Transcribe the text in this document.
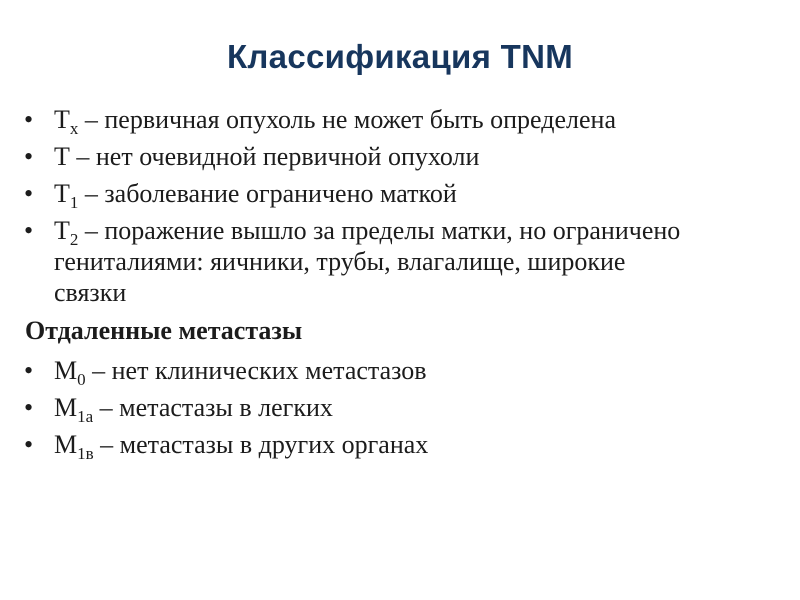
Классификация TNM
• $T_x$ – первичная опухоль не может быть определена
• T – нет очевидной первичной опухоли
• $T_1$ – заболевание ограничено маткой
• $T_2$ – поражение вышло за пределы матки, но ограничено гениталиями: яичники, трубы, влагалище, широкие связки
Отдаленные метастазы
• $M_0$ – нет клинических метастазов
• $M_{1a}$ – метастазы в легких
• $M_{1в}$ – метастазы в других органах
